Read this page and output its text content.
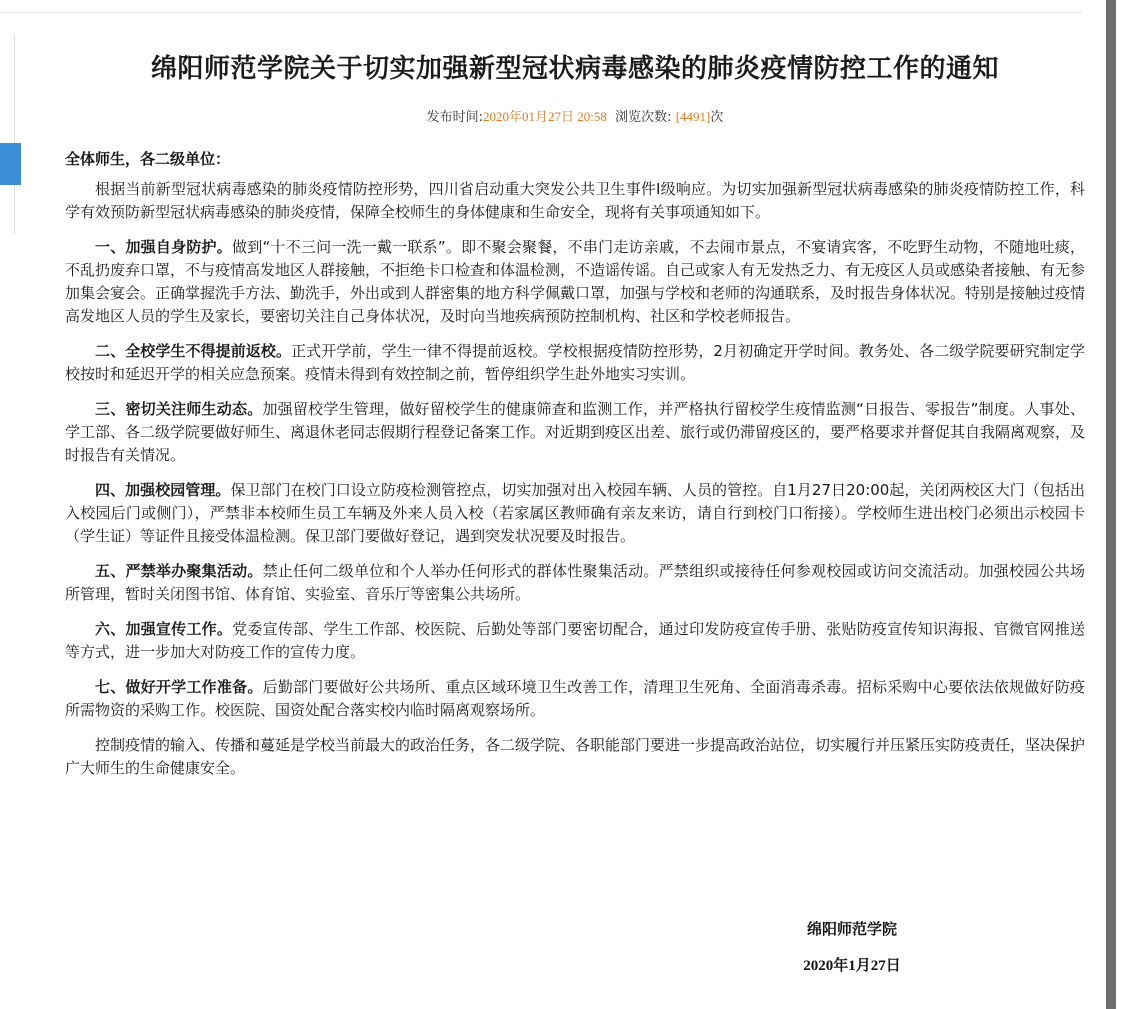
绵阳师范学院关于切实加强新型冠状病毒感染的肺炎疫情防控工作的通知
发布时间:2020年01月27日 20:58 浏览次数: [4491]次

全体师生，各二级单位：

根据当前新型冠状病毒感染的肺炎疫情防控形势，四川省启动重大突发公共卫生事件I级响应。为切实加强新型冠状病毒感染的肺炎疫情防控工作，科学有效预防新型冠状病毒感染的肺炎疫情，保障全校师生的身体健康和生命安全，现将有关事项通知如下。

一、加强自身防护。做到“十不三问一洗一戴一联系”。即不聚会聚餐，不串门走访亲戚，不去闹市景点，不宴请宾客，不吃野生动物，不随地吐痰，不乱扔废弃口罩，不与疫情高发地区人群接触，不拒绝卡口检查和体温检测，不造谣传谣。自己或家人有无发热乏力、有无疫区人员或感染者接触、有无参加集会宴会。正确掌握洗手方法、勤洗手，外出或到人群密集的地方科学佩戴口罩，加强与学校和老师的沟通联系，及时报告身体状况。特别是接触过疫情高发地区人员的学生及家长，要密切关注自己身体状况，及时向当地疾病预防控制机构、社区和学校老师报告。

二、全校学生不得提前返校。正式开学前，学生一律不得提前返校。学校根据疫情防控形势，2月初确定开学时间。教务处、各二级学院要研究制定学校按时和延迟开学的相关应急预案。疫情未得到有效控制之前，暂停组织学生赴外地实习实训。

三、密切关注师生动态。加强留校学生管理，做好留校学生的健康筛查和监测工作，并严格执行留校学生疫情监测“日报告、零报告”制度。人事处、学工部、各二级学院要做好师生、离退休老同志假期行程登记备案工作。对近期到疫区出差、旅行或仍滞留疫区的，要严格要求并督促其自我隔离观察，及时报告有关情况。

四、加强校园管理。保卫部门在校门口设立防疫检测管控点，切实加强对出入校园车辆、人员的管控。自1月27日20:00起，关闭两校区大门（包括出入校园后门或侧门），严禁非本校师生员工车辆及外来人员入校（若家属区教师确有亲友来访，请自行到校门口衔接）。学校师生进出校门必须出示校园卡（学生证）等证件且接受体温检测。保卫部门要做好登记，遇到突发状况要及时报告。

五、严禁举办聚集活动。禁止任何二级单位和个人举办任何形式的群体性聚集活动。严禁组织或接待任何参观校园或访问交流活动。加强校园公共场所管理，暂时关闭图书馆、体育馆、实验室、音乐厅等密集公共场所。

六、加强宣传工作。党委宣传部、学生工作部、校医院、后勤处等部门要密切配合，通过印发防疫宣传手册、张贴防疫宣传知识海报、官微官网推送等方式，进一步加大对防疫工作的宣传力度。

七、做好开学工作准备。后勤部门要做好公共场所、重点区域环境卫生改善工作，清理卫生死角、全面消毒杀毒。招标采购中心要依法依规做好防疫所需物资的采购工作。校医院、国资处配合落实校内临时隔离观察场所。

控制疫情的输入、传播和蔓延是学校当前最大的政治任务，各二级学院、各职能部门要进一步提高政治站位，切实履行并压紧压实防疫责任，坚决保护广大师生的生命健康安全。

绵阳师范学院
2020年1月27日
